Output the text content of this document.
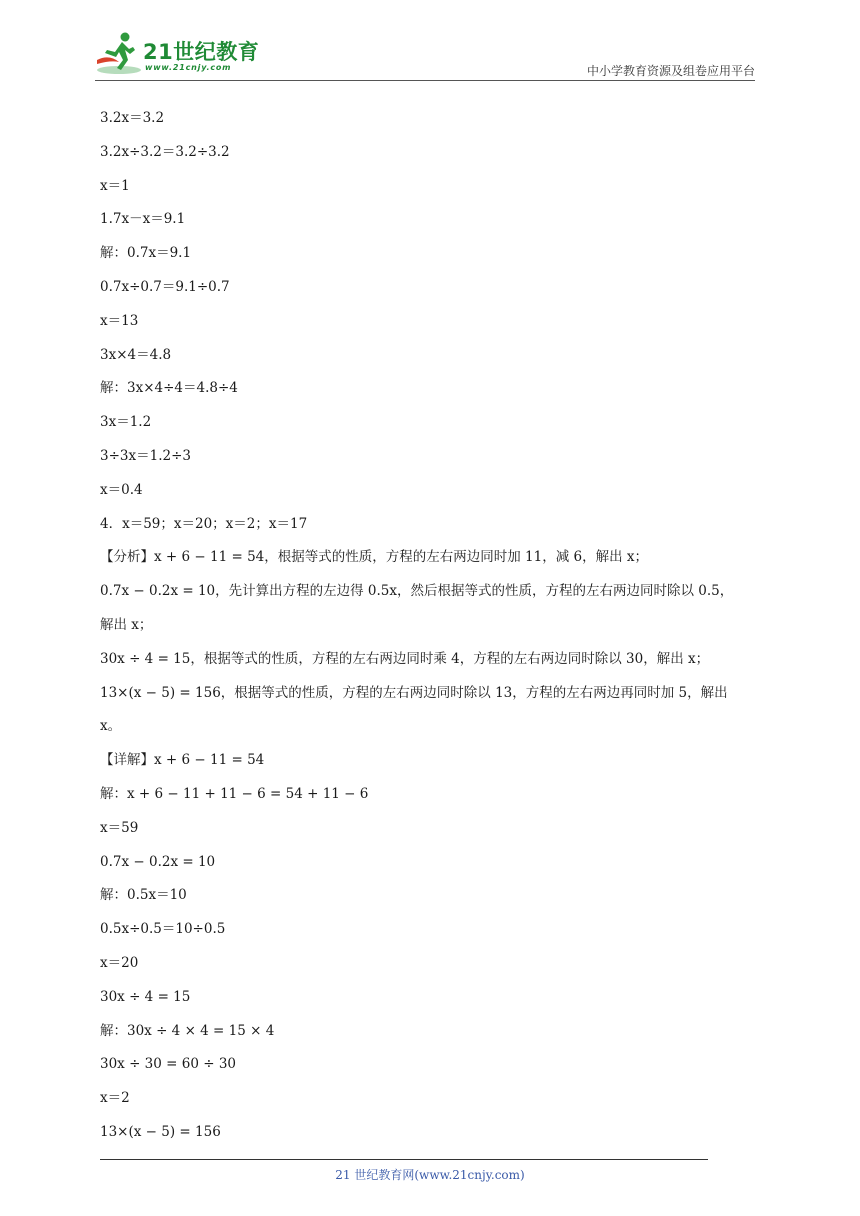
21世纪教育
www.21cnjy.com	中小学教育资源及组卷应用平台
3.2x＝3.2
3.2x÷3.2＝3.2÷3.2
x＝1
1.7x－x＝9.1
解：0.7x＝9.1
0.7x÷0.7＝9.1÷0.7
x＝13
3x×4＝4.8
解：3x×4÷4＝4.8÷4
3x＝1.2
3÷3x＝1.2÷3
x＝0.4
4．x＝59；x＝20；x＝2；x＝17
【分析】x + 6 − 11 = 54，根据等式的性质，方程的左右两边同时加 11，减 6，解出 x；
0.7x − 0.2x = 10，先计算出方程的左边得 0.5x，然后根据等式的性质，方程的左右两边同时除以 0.5，
解出 x；
30x ÷ 4 = 15，根据等式的性质，方程的左右两边同时乘 4，方程的左右两边同时除以 30，解出 x；
13×(x − 5) = 156，根据等式的性质，方程的左右两边同时除以 13，方程的左右两边再同时加 5，解出
x。
【详解】x + 6 − 11 = 54
解：x + 6 − 11 + 11 − 6 = 54 + 11 − 6
x＝59
0.7x − 0.2x = 10
解：0.5x＝10
0.5x÷0.5＝10÷0.5
x＝20
30x ÷ 4 = 15
解：30x ÷ 4 × 4 = 15 × 4
30x ÷ 30 = 60 ÷ 30
x＝2
13×(x − 5) = 156
21 世纪教育网(www.21cnjy.com)
